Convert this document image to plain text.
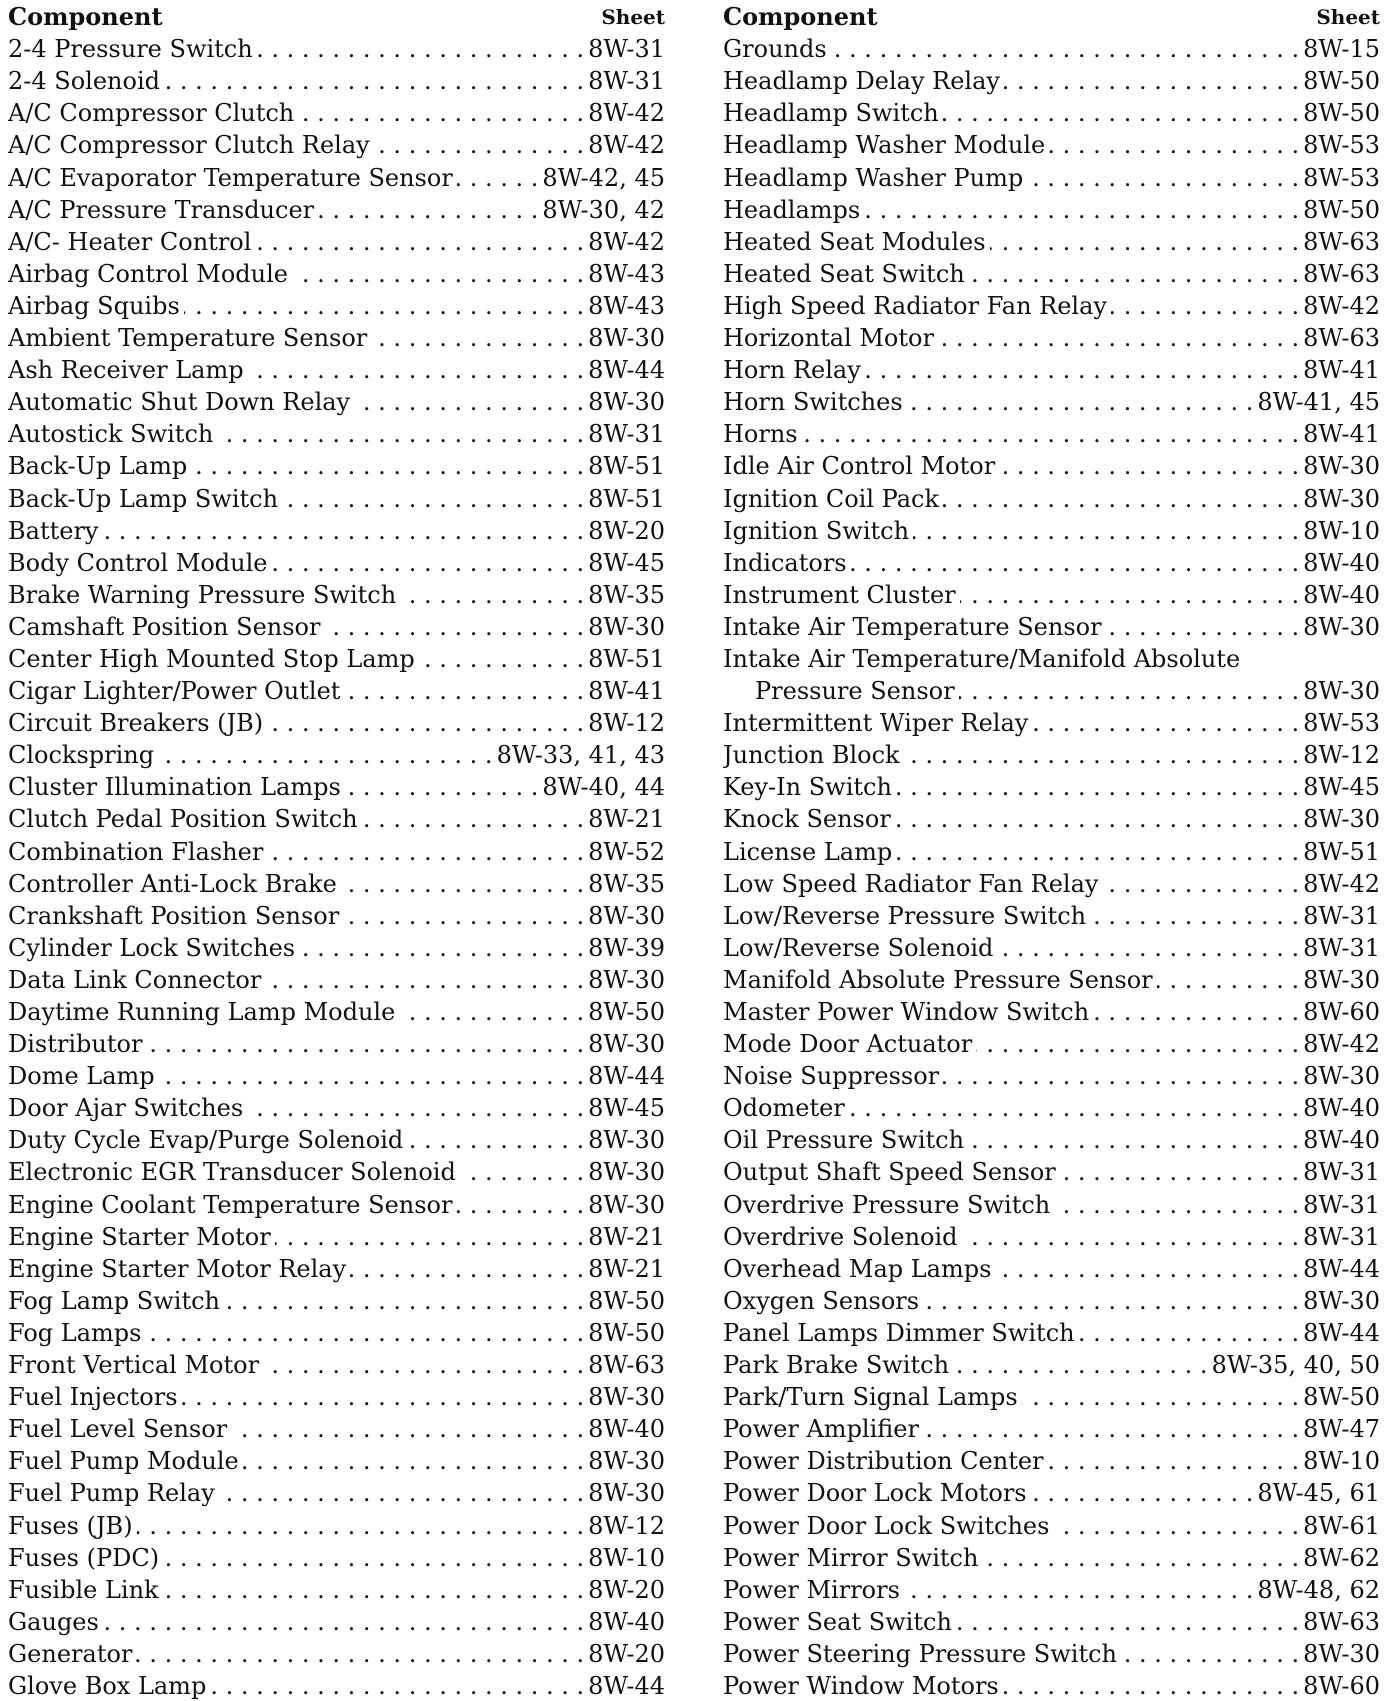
Component	Sheet
2-4 Pressure Switch . . .	8W-31
2-4 Solenoid . . .	8W-31
A/C Compressor Clutch . . .	8W-42
A/C Compressor Clutch Relay . . .	8W-42
A/C Evaporator Temperature Sensor . . .	8W-42, 45
A/C Pressure Transducer . . .	8W-30, 42
A/C- Heater Control . . .	8W-42
Airbag Control Module . . .	8W-43
Airbag Squibs . . .	8W-43
Ambient Temperature Sensor . . .	8W-30
Ash Receiver Lamp . . .	8W-44
Automatic Shut Down Relay . . .	8W-30
Autostick Switch . . .	8W-31
Back-Up Lamp . . .	8W-51
Back-Up Lamp Switch . . .	8W-51
Battery . . .	8W-20
Body Control Module . . .	8W-45
Brake Warning Pressure Switch . . .	8W-35
Camshaft Position Sensor . . .	8W-30
Center High Mounted Stop Lamp . . .	8W-51
Cigar Lighter/Power Outlet . . .	8W-41
Circuit Breakers (JB) . . .	8W-12
Clockspring . . .	8W-33, 41, 43
Cluster Illumination Lamps . . .	8W-40, 44
Clutch Pedal Position Switch . . .	8W-21
Combination Flasher . . .	8W-52
Controller Anti-Lock Brake . . .	8W-35
Crankshaft Position Sensor . . .	8W-30
Cylinder Lock Switches . . .	8W-39
Data Link Connector . . .	8W-30
Daytime Running Lamp Module . . .	8W-50
Distributor . . .	8W-30
Dome Lamp . . .	8W-44
Door Ajar Switches . . .	8W-45
Duty Cycle Evap/Purge Solenoid . . .	8W-30
Electronic EGR Transducer Solenoid . . .	8W-30
Engine Coolant Temperature Sensor . . .	8W-30
Engine Starter Motor . . .	8W-21
Engine Starter Motor Relay . . .	8W-21
Fog Lamp Switch . . .	8W-50
Fog Lamps . . .	8W-50
Front Vertical Motor . . .	8W-63
Fuel Injectors . . .	8W-30
Fuel Level Sensor . . .	8W-40
Fuel Pump Module . . .	8W-30
Fuel Pump Relay . . .	8W-30
Fuses (JB) . . .	8W-12
Fuses (PDC) . . .	8W-10
Fusible Link . . .	8W-20
Gauges . . .	8W-40
Generator . . .	8W-20
Glove Box Lamp . . .	8W-44
Component	Sheet
Grounds . . .	8W-15
Headlamp Delay Relay . . .	8W-50
Headlamp Switch . . .	8W-50
Headlamp Washer Module . . .	8W-53
Headlamp Washer Pump . . .	8W-53
Headlamps . . .	8W-50
Heated Seat Modules . . .	8W-63
Heated Seat Switch . . .	8W-63
High Speed Radiator Fan Relay . . .	8W-42
Horizontal Motor . . .	8W-63
Horn Relay . . .	8W-41
Horn Switches . . .	8W-41, 45
Horns . . .	8W-41
Idle Air Control Motor . . .	8W-30
Ignition Coil Pack . . .	8W-30
Ignition Switch . . .	8W-10
Indicators . . .	8W-40
Instrument Cluster . . .	8W-40
Intake Air Temperature Sensor . . .	8W-30
Intake Air Temperature/Manifold Absolute
Pressure Sensor . . .	8W-30
Intermittent Wiper Relay . . .	8W-53
Junction Block . . .	8W-12
Key-In Switch . . .	8W-45
Knock Sensor . . .	8W-30
License Lamp . . .	8W-51
Low Speed Radiator Fan Relay . . .	8W-42
Low/Reverse Pressure Switch . . .	8W-31
Low/Reverse Solenoid . . .	8W-31
Manifold Absolute Pressure Sensor . . .	8W-30
Master Power Window Switch . . .	8W-60
Mode Door Actuator . . .	8W-42
Noise Suppressor . . .	8W-30
Odometer . . .	8W-40
Oil Pressure Switch . . .	8W-40
Output Shaft Speed Sensor . . .	8W-31
Overdrive Pressure Switch . . .	8W-31
Overdrive Solenoid . . .	8W-31
Overhead Map Lamps . . .	8W-44
Oxygen Sensors . . .	8W-30
Panel Lamps Dimmer Switch . . .	8W-44
Park Brake Switch . . .	8W-35, 40, 50
Park/Turn Signal Lamps . . .	8W-50
Power Amplifier . . .	8W-47
Power Distribution Center . . .	8W-10
Power Door Lock Motors . . .	8W-45, 61
Power Door Lock Switches . . .	8W-61
Power Mirror Switch . . .	8W-62
Power Mirrors . . .	8W-48, 62
Power Seat Switch . . .	8W-63
Power Steering Pressure Switch . . .	8W-30
Power Window Motors . . .	8W-60
